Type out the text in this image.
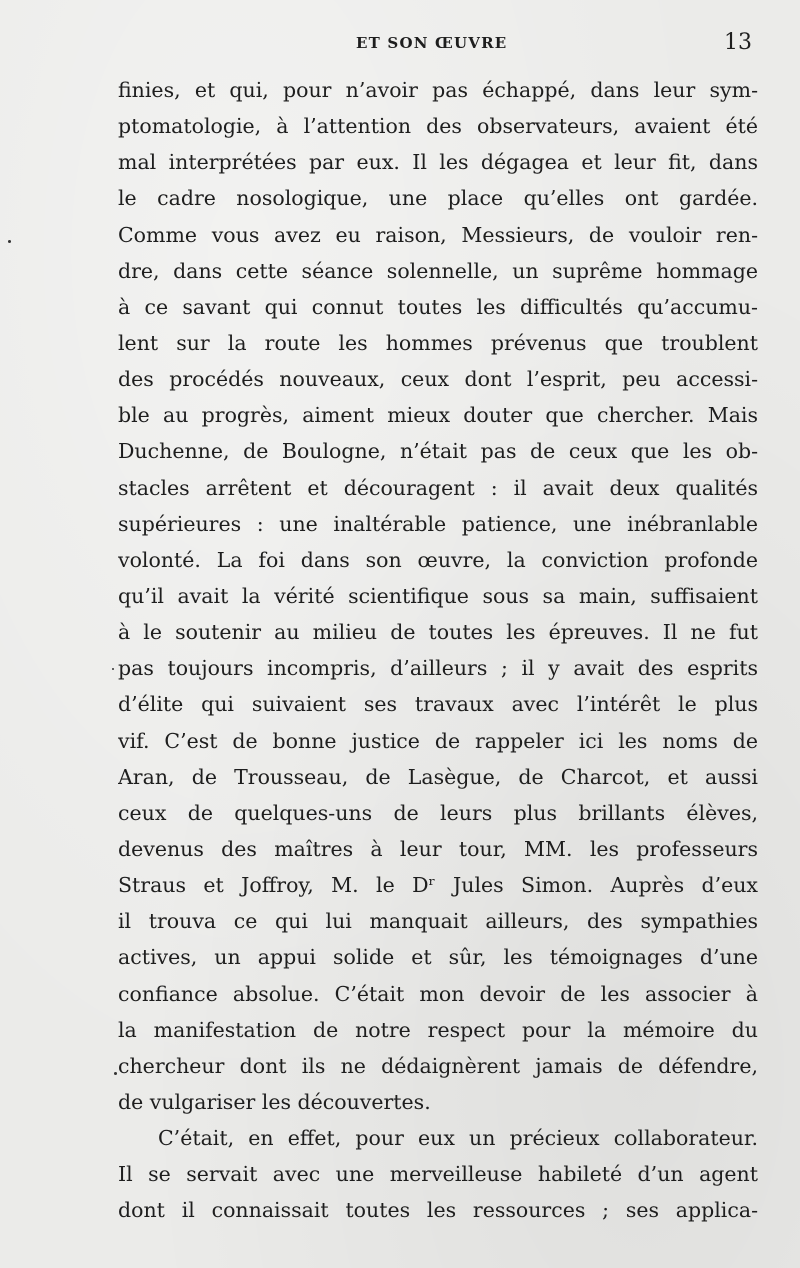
ET SON ŒUVRE	13
finies, et qui, pour n’avoir pas échappé, dans leur sym-
ptomatologie, à l’attention des observateurs, avaient été
mal interprétées par eux. Il les dégagea et leur fit, dans
le cadre nosologique, une place qu’elles ont gardée.
Comme vous avez eu raison, Messieurs, de vouloir ren-
dre, dans cette séance solennelle, un suprême hommage
à ce savant qui connut toutes les difficultés qu’accumu-
lent sur la route les hommes prévenus que troublent
des procédés nouveaux, ceux dont l’esprit, peu accessi-
ble au progrès, aiment mieux douter que chercher. Mais
Duchenne, de Boulogne, n’était pas de ceux que les ob-
stacles arrêtent et découragent : il avait deux qualités
supérieures : une inaltérable patience, une inébranlable
volonté. La foi dans son œuvre, la conviction profonde
qu’il avait la vérité scientifique sous sa main, suffisaient
à le soutenir au milieu de toutes les épreuves. Il ne fut
pas toujours incompris, d’ailleurs ; il y avait des esprits
d’élite qui suivaient ses travaux avec l’intérêt le plus
vif. C’est de bonne justice de rappeler ici les noms de
Aran, de Trousseau, de Lasègue, de Charcot, et aussi
ceux de quelques-uns de leurs plus brillants élèves,
devenus des maîtres à leur tour, MM. les professeurs
Straus et Joffroy, M. le Dʳ Jules Simon. Auprès d’eux
il trouva ce qui lui manquait ailleurs, des sympathies
actives, un appui solide et sûr, les témoignages d’une
confiance absolue. C’était mon devoir de les associer à
la manifestation de notre respect pour la mémoire du
chercheur dont ils ne dédaignèrent jamais de défendre,
de vulgariser les découvertes.
C’était, en effet, pour eux un précieux collaborateur.
Il se servait avec une merveilleuse habileté d’un agent
dont il connaissait toutes les ressources ; ses applica-
